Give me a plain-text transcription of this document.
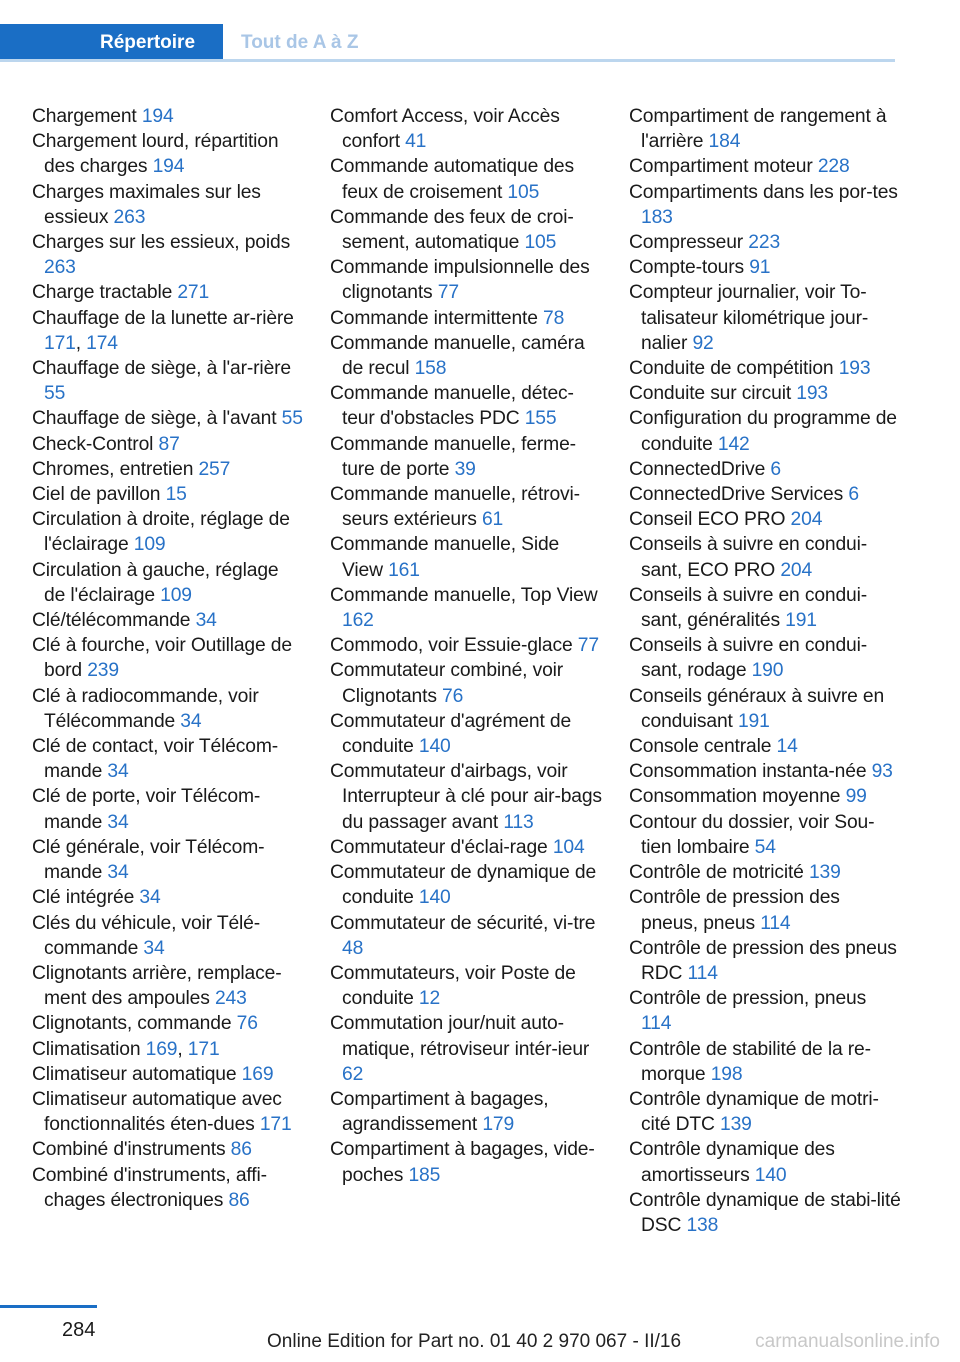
Répertoire	Tout de A à Z
Chargement 194
Chargement lourd, répartition des charges 194
Charges maximales sur les essieux 263
Charges sur les essieux, poids 263
Charge tractable 271
Chauffage de la lunette ar‐rière 171, 174
Chauffage de siège, à l'ar‐rière 55
Chauffage de siège, à l'avant 55
Check-Control 87
Chromes, entretien 257
Ciel de pavillon 15
Circulation à droite, réglage de l'éclairage 109
Circulation à gauche, réglage de l'éclairage 109
Clé/télécommande 34
Clé à fourche, voir Outillage de bord 239
Clé à radiocommande, voir Télécommande 34
Clé de contact, voir Télécom‐mande 34
Clé de porte, voir Télécom‐mande 34
Clé générale, voir Télécom‐mande 34
Clé intégrée 34
Clés du véhicule, voir Télé‐commande 34
Clignotants arrière, remplace‐ment des ampoules 243
Clignotants, commande 76
Climatisation 169, 171
Climatiseur automatique 169
Climatiseur automatique avec fonctionnalités éten‐dues 171
Combiné d'instruments 86
Combiné d'instruments, affi‐chages électroniques 86
Comfort Access, voir Accès confort 41
Commande automatique des feux de croisement 105
Commande des feux de croi‐sement, automatique 105
Commande impulsionnelle des clignotants 77
Commande intermittente 78
Commande manuelle, caméra de recul 158
Commande manuelle, détec‐teur d'obstacles PDC 155
Commande manuelle, ferme‐ture de porte 39
Commande manuelle, rétrovi‐seurs extérieurs 61
Commande manuelle, Side View 161
Commande manuelle, Top View 162
Commodo, voir Essuie-glace 77
Commutateur combiné, voir Clignotants 76
Commutateur d'agrément de conduite 140
Commutateur d'airbags, voir Interrupteur à clé pour air‐bags du passager avant 113
Commutateur d'éclai‐rage 104
Commutateur de dynamique de conduite 140
Commutateur de sécurité, vi‐tre 48
Commutateurs, voir Poste de conduite 12
Commutation jour/nuit auto‐matique, rétroviseur intér‐ieur 62
Compartiment à bagages, agrandissement 179
Compartiment à bagages, vide-poches 185
Compartiment de rangement à l'arrière 184
Compartiment moteur 228
Compartiments dans les por‐tes 183
Compresseur 223
Compte-tours 91
Compteur journalier, voir To‐talisateur kilométrique jour‐nalier 92
Conduite de compétition 193
Conduite sur circuit 193
Configuration du programme de conduite 142
ConnectedDrive 6
ConnectedDrive Services 6
Conseil ECO PRO 204
Conseils à suivre en condui‐sant, ECO PRO 204
Conseils à suivre en condui‐sant, généralités 191
Conseils à suivre en condui‐sant, rodage 190
Conseils généraux à suivre en conduisant 191
Console centrale 14
Consommation instanta‐née 93
Consommation moyenne 99
Contour du dossier, voir Sou‐tien lombaire 54
Contrôle de motricité 139
Contrôle de pression des pneus, pneus 114
Contrôle de pression des pneus RDC 114
Contrôle de pression, pneus 114
Contrôle de stabilité de la re‐morque 198
Contrôle dynamique de motri‐cité DTC 139
Contrôle dynamique des amortisseurs 140
Contrôle dynamique de stabi‐lité DSC 138
284
Online Edition for Part no. 01 40 2 970 067 - II/16	carmanualsonline.info
